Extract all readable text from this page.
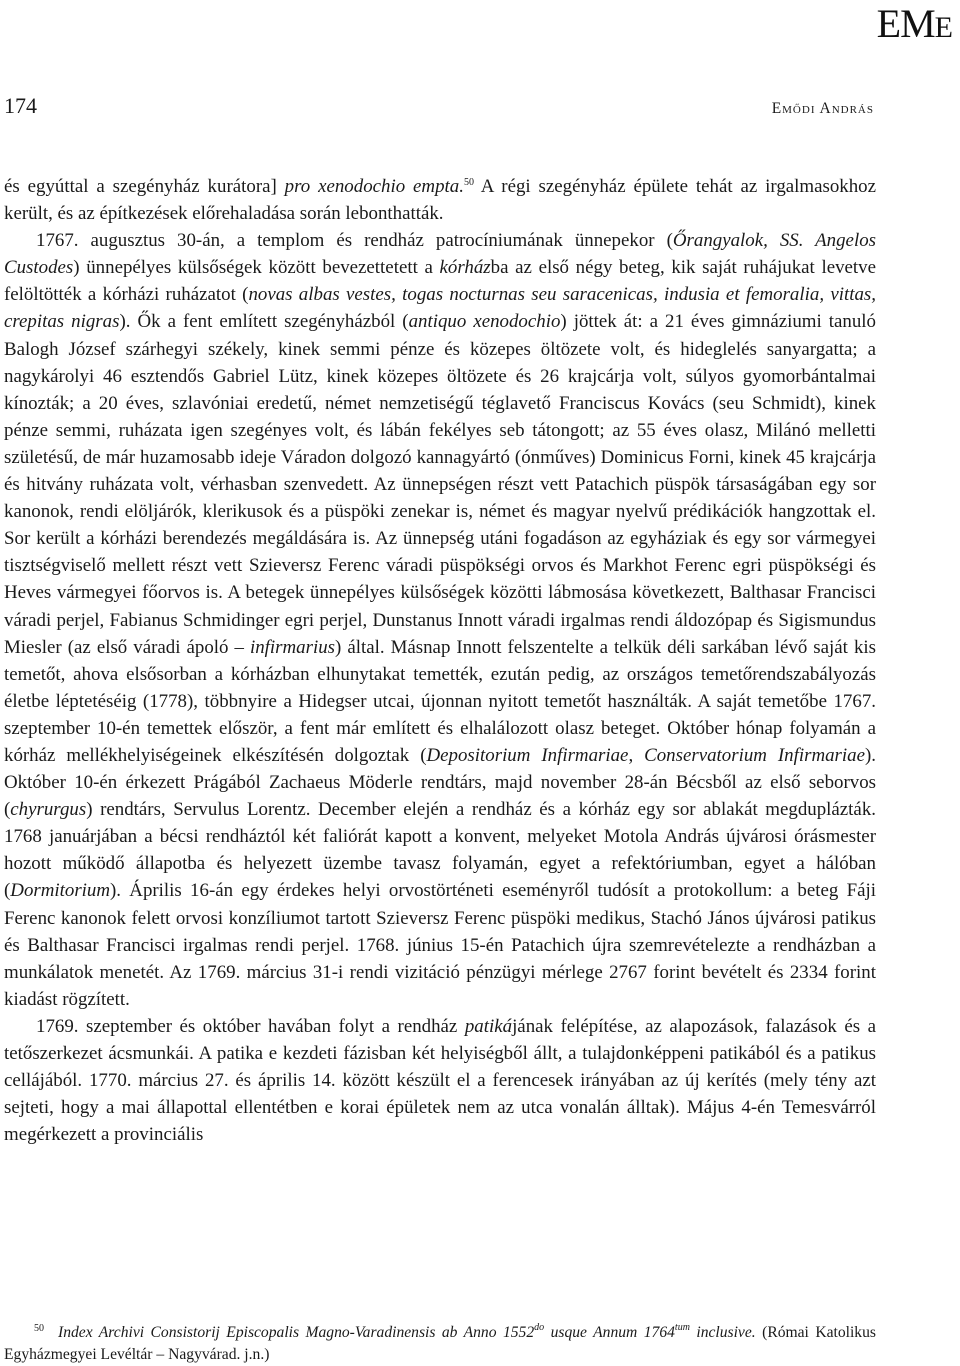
EME
174	Emődi András

és egyúttal a szegényház kurátora] pro xenodochio empta.$^{50}$ A régi szegényház épülete tehát az irgalmasokhoz került, és az építkezések előrehaladása során lebonthatták.

1767. augusztus 30-án, a templom és rendház patrocíniumának ünnepekor (Őrangyalok, SS. Angelos Custodes) ünnepélyes külsőségek között bevezettetett a kórházba az első négy beteg, kik saját ruhájukat levetve felöltötték a kórházi ruházatot (novas albas vestes, togas nocturnas seu saracenicas, indusia et femoralia, vittas, crepitas nigras). Ők a fent említett szegényházból (antiquo xenodochio) jöttek át: a 21 éves gimnáziumi tanuló Balogh József szárhegyi székely, kinek semmi pénze és közepes öltözete volt, és hideglelés sanyargatta; a nagykárolyi 46 esztendős Gabriel Lütz, kinek közepes öltözete és 26 krajcárja volt, súlyos gyomorbántalmai kínozták; a 20 éves, szlavóniai eredetű, német nemzetiségű téglavető Franciscus Kovács (seu Schmidt), kinek pénze semmi, ruházata igen szegényes volt, és lábán fekélyes seb tátongott; az 55 éves olasz, Milánó melletti születésű, de már huzamosabb ideje Váradon dolgozó kannagyártó (ónműves) Dominicus Forni, kinek 45 krajcárja és hitvány ruházata volt, vérhasban szenvedett. Az ünnepségen részt vett Patachich püspök társaságában egy sor kanonok, rendi elöljárók, klerikusok és a püspöki zenekar is, német és magyar nyelvű prédikációk hangzottak el. Sor került a kórházi berendezés megáldására is. Az ünnepség utáni fogadáson az egyháziak és egy sor vármegyei tisztségviselő mellett részt vett Szieversz Ferenc váradi püspökségi orvos és Markhot Ferenc egri püspökségi és Heves vármegyei főorvos is. A betegek ünnepélyes külsőségek közötti lábmosása következett, Balthasar Francisci váradi perjel, Fabianus Schmidinger egri perjel, Dunstanus Innott váradi irgalmas rendi áldozópap és Sigismundus Miesler (az első váradi ápoló – infirmarius) által. Másnap Innott felszentelte a telkük déli sarkában lévő saját kis temetőt, ahova elsősorban a kórházban elhunytakat temették, ezután pedig, az országos temetőrendszabályozás életbe léptetéséig (1778), többnyire a Hidegser utcai, újonnan nyitott temetőt használták. A saját temetőbe 1767. szeptember 10-én temettek először, a fent már említett és elhalálozott olasz beteget. Október hónap folyamán a kórház mellékhelyiségeinek elkészítésén dolgoztak (Depositorium Infirmariae, Conservatorium Infirmariae). Október 10-én érkezett Prágából Zachaeus Möderle rendtárs, majd november 28-án Bécsből az első seborvos (chyrurgus) rendtárs, Servulus Lorentz. December elején a rendház és a kórház egy sor ablakát megduplázták. 1768 januárjában a bécsi rendháztól két faliórát kapott a konvent, melyeket Motola András újvárosi órásmester hozott működő állapotba és helyezett üzembe tavasz folyamán, egyet a refektóriumban, egyet a hálóban (Dormitorium). Április 16-án egy érdekes helyi orvostörténeti eseményről tudósít a protokollum: a beteg Fáji Ferenc kanonok felett orvosi konzíliumot tartott Szieversz Ferenc püspöki medikus, Stachó János újvárosi patikus és Balthasar Francisci irgalmas rendi perjel. 1768. június 15-én Patachich újra szemrevételezte a rendházban a munkálatok menetét. Az 1769. március 31-i rendi vizitáció pénzügyi mérlege 2767 forint bevételt és 2334 forint kiadást rögzített.

1769. szeptember és október havában folyt a rendház patikájának felépítése, az alapozások, falazások és a tetőszerkezet ácsmunkái. A patika e kezdeti fázisban két helyiségből állt, a tulajdonképpeni patikából és a patikus cellájából. 1770. március 27. és április 14. között készült el a ferencesek irányában az új kerítés (mely tény azt sejteti, hogy a mai állapottal ellentétben e korai épületek nem az utca vonalán álltak). Május 4-én Temesvárról megérkezett a provinciális

$^{50}$ Index Archivi Consistorij Episcopalis Magno-Varadinensis ab Anno $1552^{do}$ usque Annum $1764^{tum}$ inclusive. (Római Katolikus Egyházmegyei Levéltár – Nagyvárad. j.n.)
